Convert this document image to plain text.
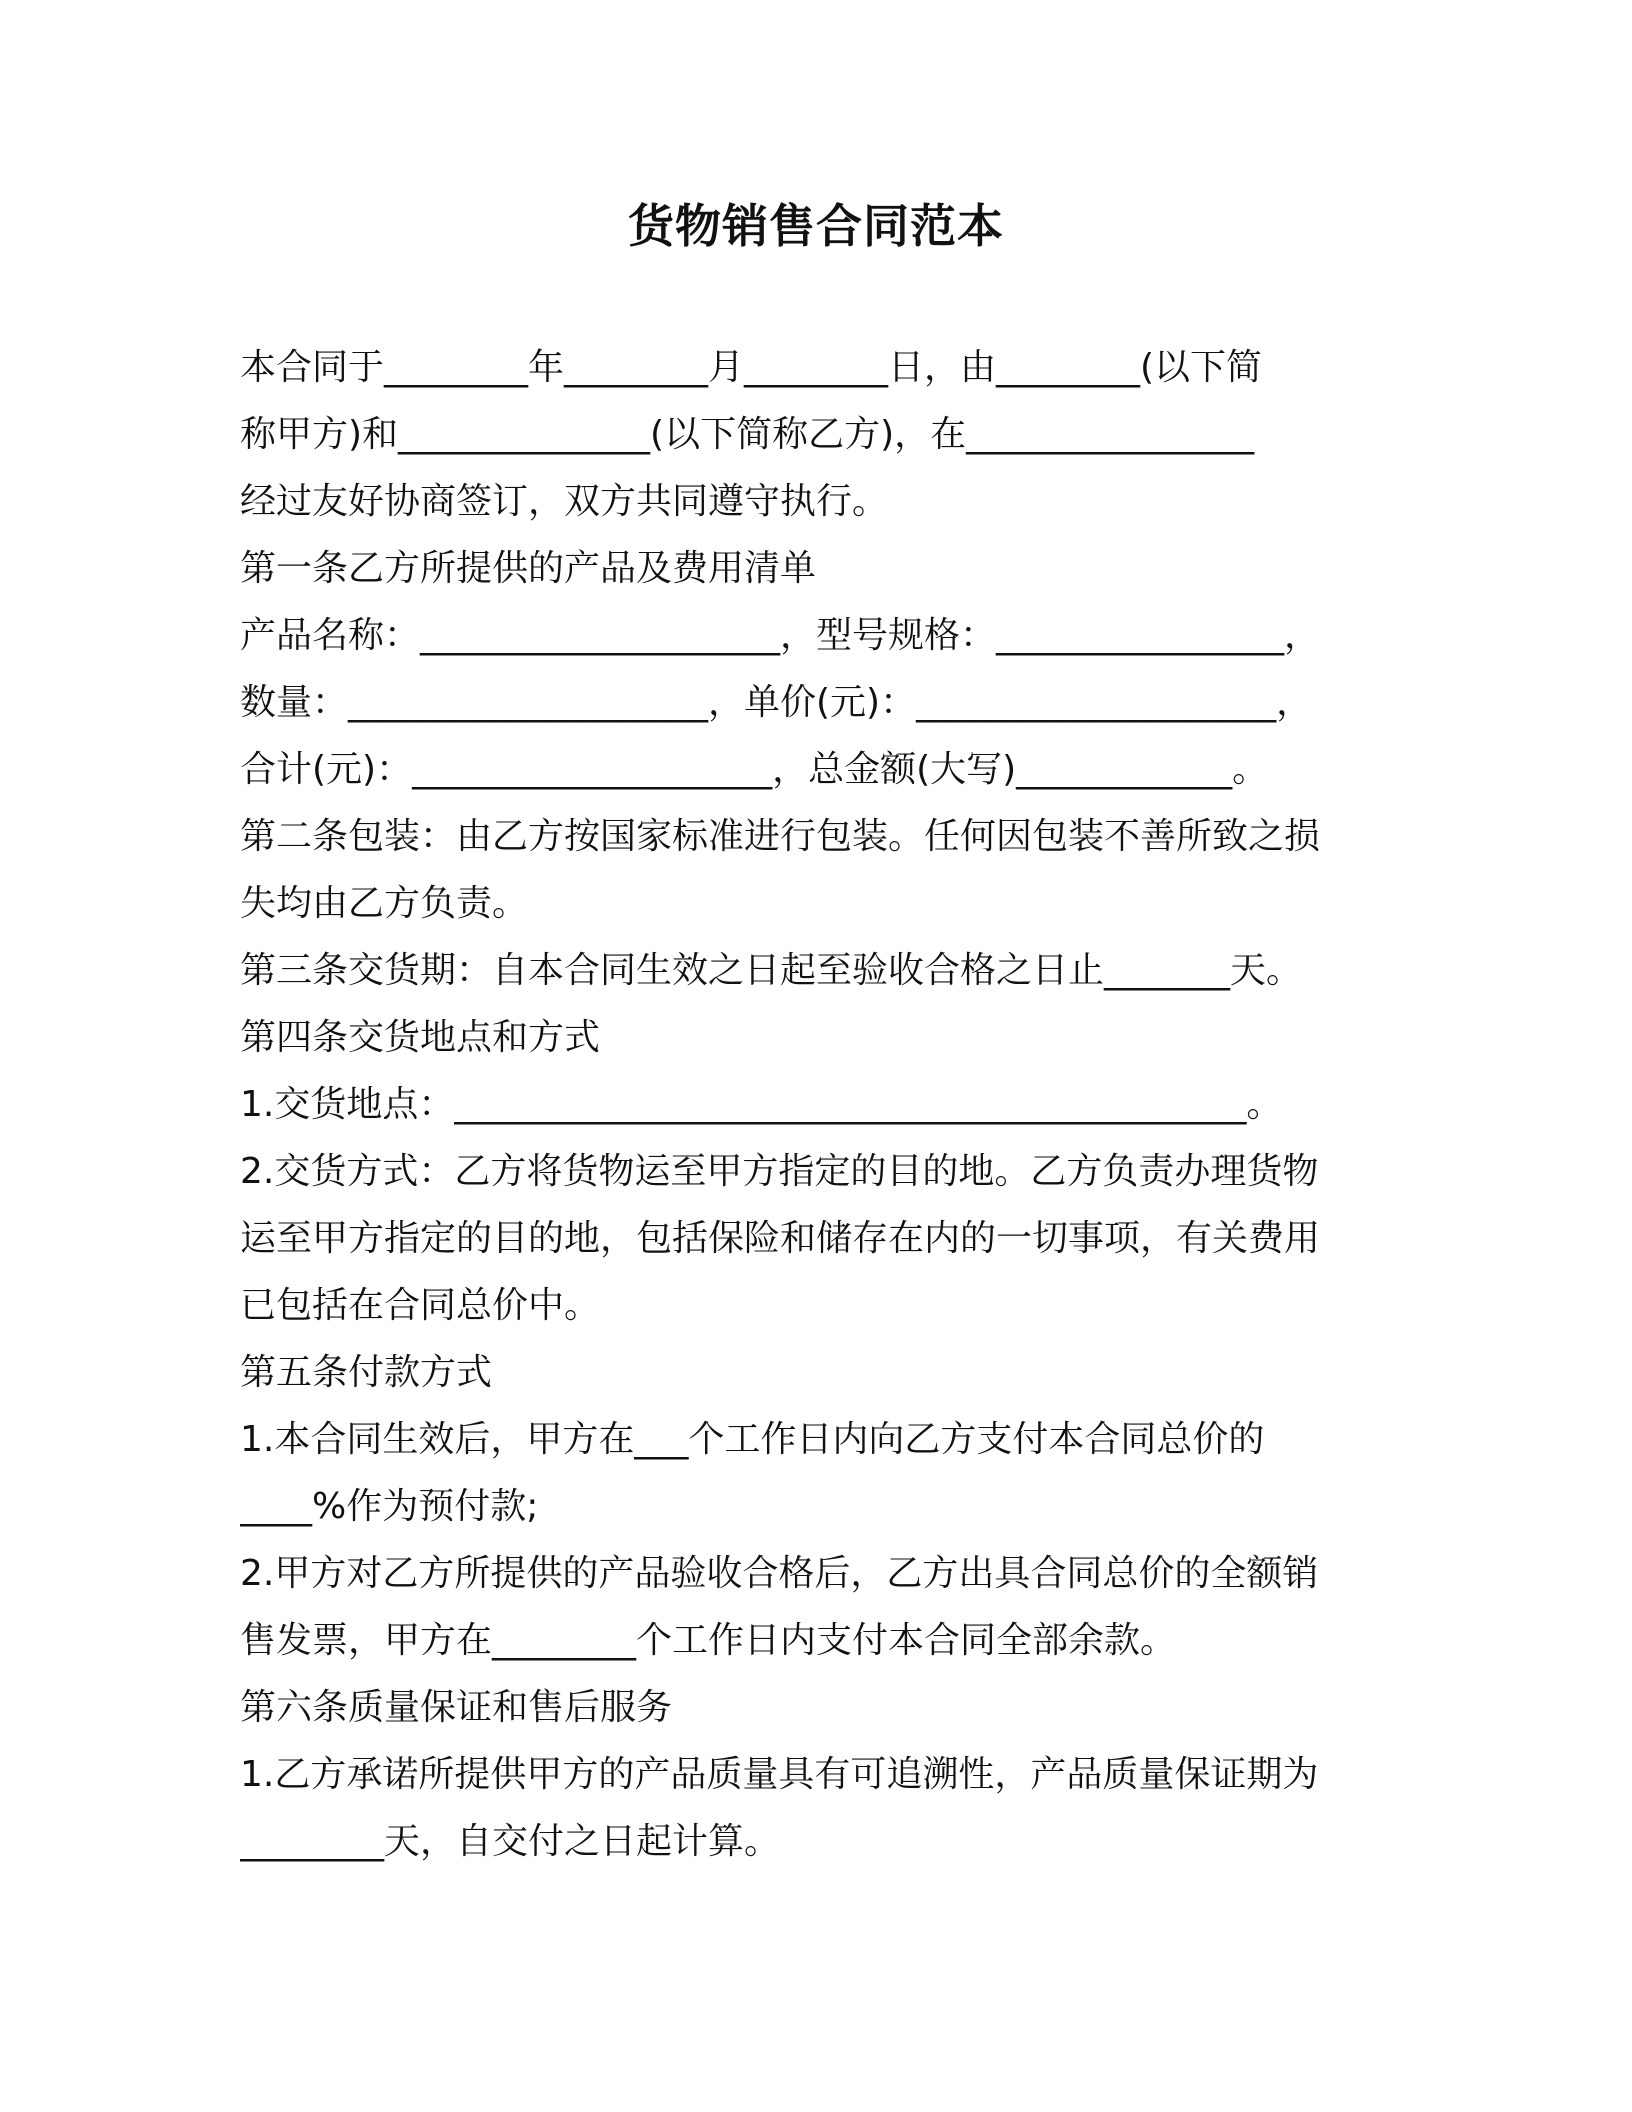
货物销售合同范本
本合同于________年________月________日，由________(以下简
称甲方)和______________(以下简称乙方)，在________________
经过友好协商签订，双方共同遵守执行。
第一条乙方所提供的产品及费用清单
产品名称：____________________，型号规格：________________，
数量：____________________，单价(元)：____________________，
合计(元)：____________________，总金额(大写)____________。
第二条包装：由乙方按国家标准进行包装。任何因包装不善所致之损
失均由乙方负责。
第三条交货期：自本合同生效之日起至验收合格之日止_______天。
第四条交货地点和方式
1.交货地点：____________________________________________。
2.交货方式：乙方将货物运至甲方指定的目的地。乙方负责办理货物
运至甲方指定的目的地，包括保险和储存在内的一切事项，有关费用
已包括在合同总价中。
第五条付款方式
1.本合同生效后，甲方在___个工作日内向乙方支付本合同总价的
____%作为预付款;
2.甲方对乙方所提供的产品验收合格后，乙方出具合同总价的全额销
售发票，甲方在________个工作日内支付本合同全部余款。
第六条质量保证和售后服务
1.乙方承诺所提供甲方的产品质量具有可追溯性，产品质量保证期为
________天，自交付之日起计算。
